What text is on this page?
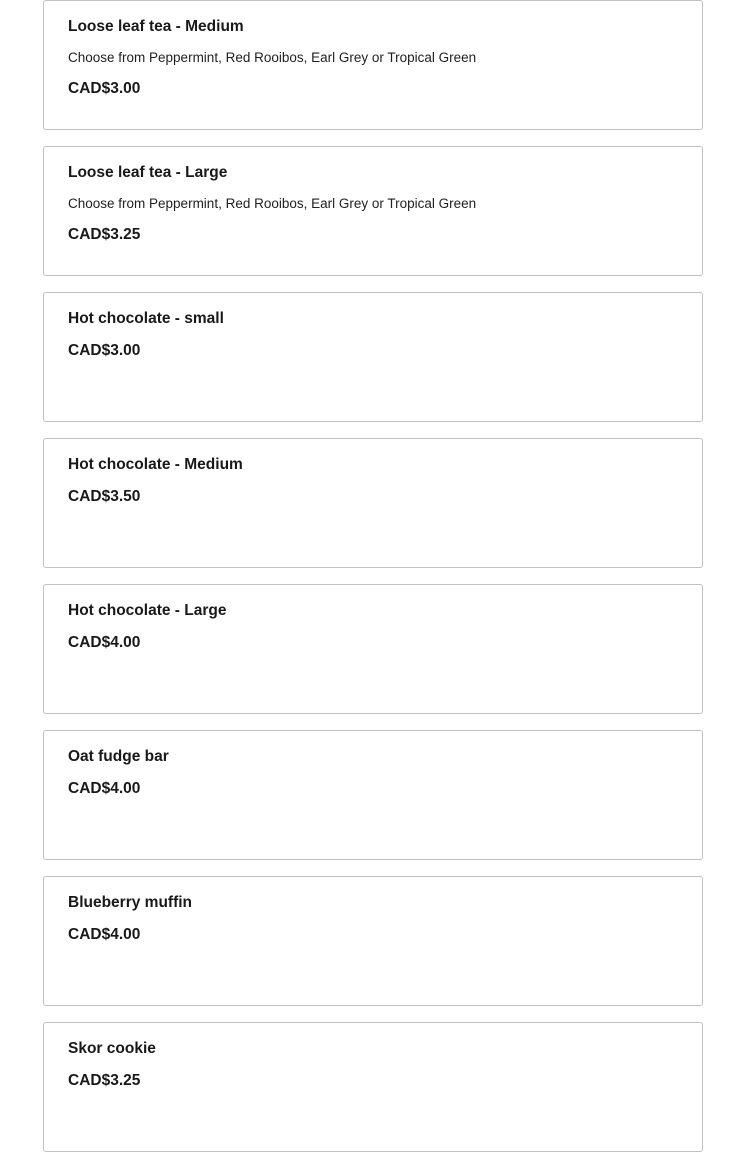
Loose leaf tea - Medium
Choose from Peppermint, Red Rooibos, Earl Grey or Tropical Green
CAD$3.00
Loose leaf tea - Large
Choose from Peppermint, Red Rooibos, Earl Grey or Tropical Green
CAD$3.25
Hot chocolate - small
CAD$3.00
Hot chocolate - Medium
CAD$3.50
Hot chocolate - Large
CAD$4.00
Oat fudge bar
CAD$4.00
Blueberry muffin
CAD$4.00
Skor cookie
CAD$3.25
